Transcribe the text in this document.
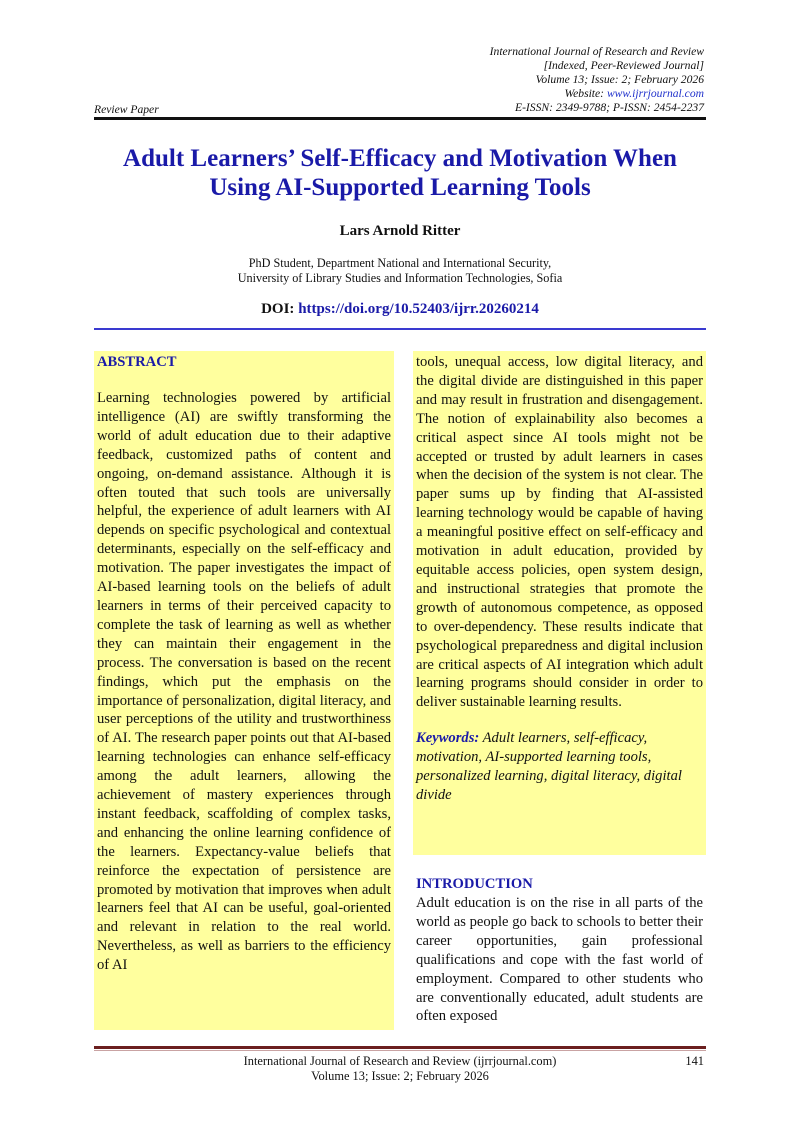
International Journal of Research and Review
[Indexed, Peer-Reviewed Journal]
Volume 13; Issue: 2; February 2026
Website: www.ijrrjournal.com
E-ISSN: 2349-9788; P-ISSN: 2454-2237
Review Paper
Adult Learners’ Self-Efficacy and Motivation When
Using AI-Supported Learning Tools
Lars Arnold Ritter
PhD Student, Department National and International Security,
University of Library Studies and Information Technologies, Sofia
DOI: https://doi.org/10.52403/ijrr.20260214
ABSTRACT

Learning technologies powered by artificial intelligence (AI) are swiftly transforming the world of adult education due to their adaptive feedback, customized paths of content and ongoing, on-demand assistance. Although it is often touted that such tools are universally helpful, the experience of adult learners with AI depends on specific psychological and contextual determinants, especially on the self-efficacy and motivation. The paper investigates the impact of AI-based learning tools on the beliefs of adult learners in terms of their perceived capacity to complete the task of learning as well as whether they can maintain their engagement in the process. The conversation is based on the recent findings, which put the emphasis on the importance of personalization, digital literacy, and user perceptions of the utility and trustworthiness of AI. The research paper points out that AI-based learning technologies can enhance self-efficacy among the adult learners, allowing the achievement of mastery experiences through instant feedback, scaffolding of complex tasks, and enhancing the online learning confidence of the learners. Expectancy-value beliefs that reinforce the expectation of persistence are promoted by motivation that improves when adult learners feel that AI can be useful, goal-oriented and relevant in relation to the real world. Nevertheless, as well as barriers to the efficiency of AI

tools, unequal access, low digital literacy, and the digital divide are distinguished in this paper and may result in frustration and disengagement. The notion of explainability also becomes a critical aspect since AI tools might not be accepted or trusted by adult learners in cases when the decision of the system is not clear. The paper sums up by finding that AI-assisted learning technology would be capable of having a meaningful positive effect on self-efficacy and motivation in adult education, provided by equitable access policies, open system design, and instructional strategies that promote the growth of autonomous competence, as opposed to over-dependency. These results indicate that psychological preparedness and digital inclusion are critical aspects of AI integration which adult learning programs should consider in order to deliver sustainable learning results.

Keywords: Adult learners, self-efficacy, motivation, AI-supported learning tools, personalized learning, digital literacy, digital divide
INTRODUCTION

Adult education is on the rise in all parts of the world as people go back to schools to better their career opportunities, gain professional qualifications and cope with the fast world of employment. Compared to other students who are conventionally educated, adult students are often exposed

International Journal of Research and Review (ijrrjournal.com)
Volume 13; Issue: 2; February 2026
141
